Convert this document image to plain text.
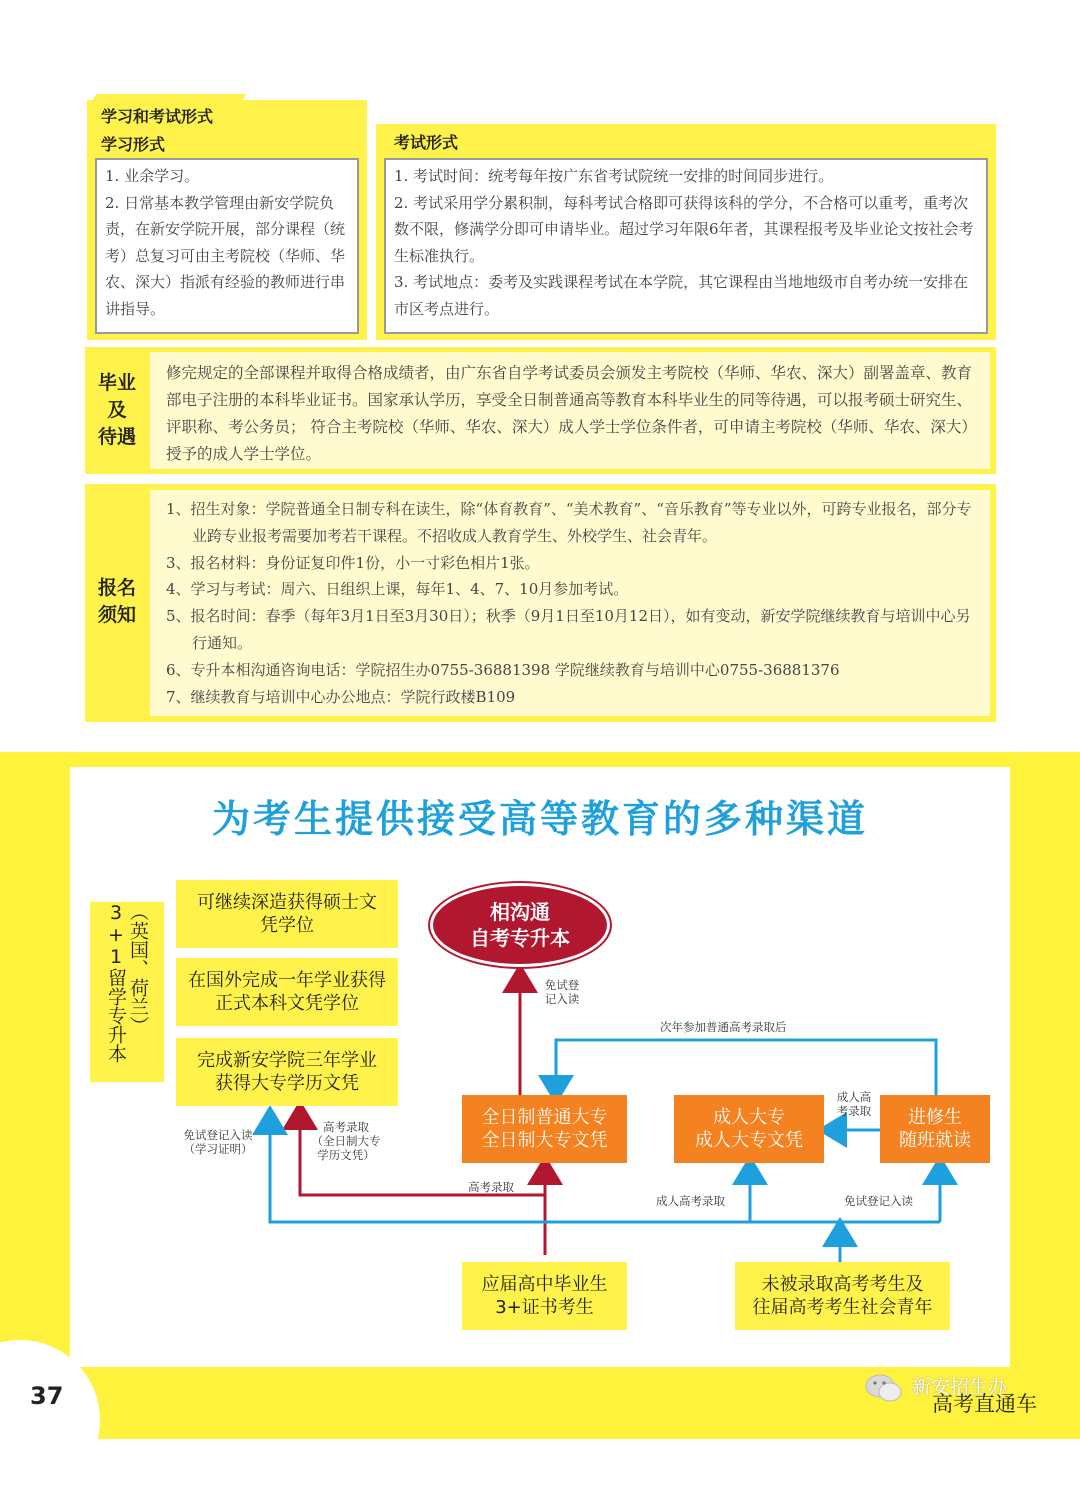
学习和考试形式
学习形式

1. 业余学习。

2. 日常基本教学管理由新安学院负责，在新安学院开展，部分课程（统考）总复习可由主考院校（华师、华农、深大）指派有经验的教师进行串讲指导。

考试形式

1. 考试时间：统考每年按广东省考试院统一安排的时间同步进行。

2. 考试采用学分累积制，每科考试合格即可获得该科的学分，不合格可以重考，重考次数不限，修满学分即可申请毕业。超过学习年限6年者，其课程报考及毕业论文按社会考生标准执行。

3. 考试地点：委考及实践课程考试在本学院，其它课程由当地地级市自考办统一安排在市区考点进行。

修完规定的全部课程并取得合格成绩者，由广东省自学考试委员会颁发主考院校（华师、华农、深大）副署盖章、教育部电子注册的本科毕业证书。国家承认学历，享受全日制普通高等教育本科毕业生的同等待遇，可以报考硕士研究生、评职称、考公务员； 符合主考院校（华师、华农、深大）成人学士学位条件者，可申请主考院校（华师、华农、深大）授予的成人学士学位。
毕业
及
待遇
1、招生对象：学院普通全日制专科在读生，除“体育教育”、“美术教育”、“音乐教育”等专业以外，可跨专业报名，部分专业跨专业报考需要加考若干课程。不招收成人教育学生、外校学生、社会青年。
3、报名材料：身份证复印件1份，小一寸彩色相片1张。
4、学习与考试：周六、日组织上课，每年1、4、7、10月参加考试。
5、报名时间：春季（每年3月1日至3月30日）；秋季（9月1日至10月12日），如有变动，新安学院继续教育与培训中心另行通知。
6、专升本相沟通咨询电话：学院招生办0755-36881398 学院继续教育与培训中心0755-36881376
7、继续教育与培训中心办公地点：学院行政楼B109
报名
须知
为考生提供接受高等教育的多种渠道
（英国、荷兰）3+1留学专升本	可继续深造获得硕士文凭学位
在国外完成一年学业获得正式本科文凭学位
完成新安学院三年学业获得大专学历文凭
相沟通
自考专升本
免试登记入读
次年参加普通高考录取后
全日制普通大专
全日制大专文凭
成人大专
成人大专文凭
进修生
随班就读
成人高考录取
免试登记入读
（学习证明）
高考录取
（全日制大专学历文凭）
高考录取
成人高考录取	免试登记入读
应届高中毕业生
3+证书考生
未被录取高考考生及
往届高考考生社会青年
37	新安招生办
高考直通车
